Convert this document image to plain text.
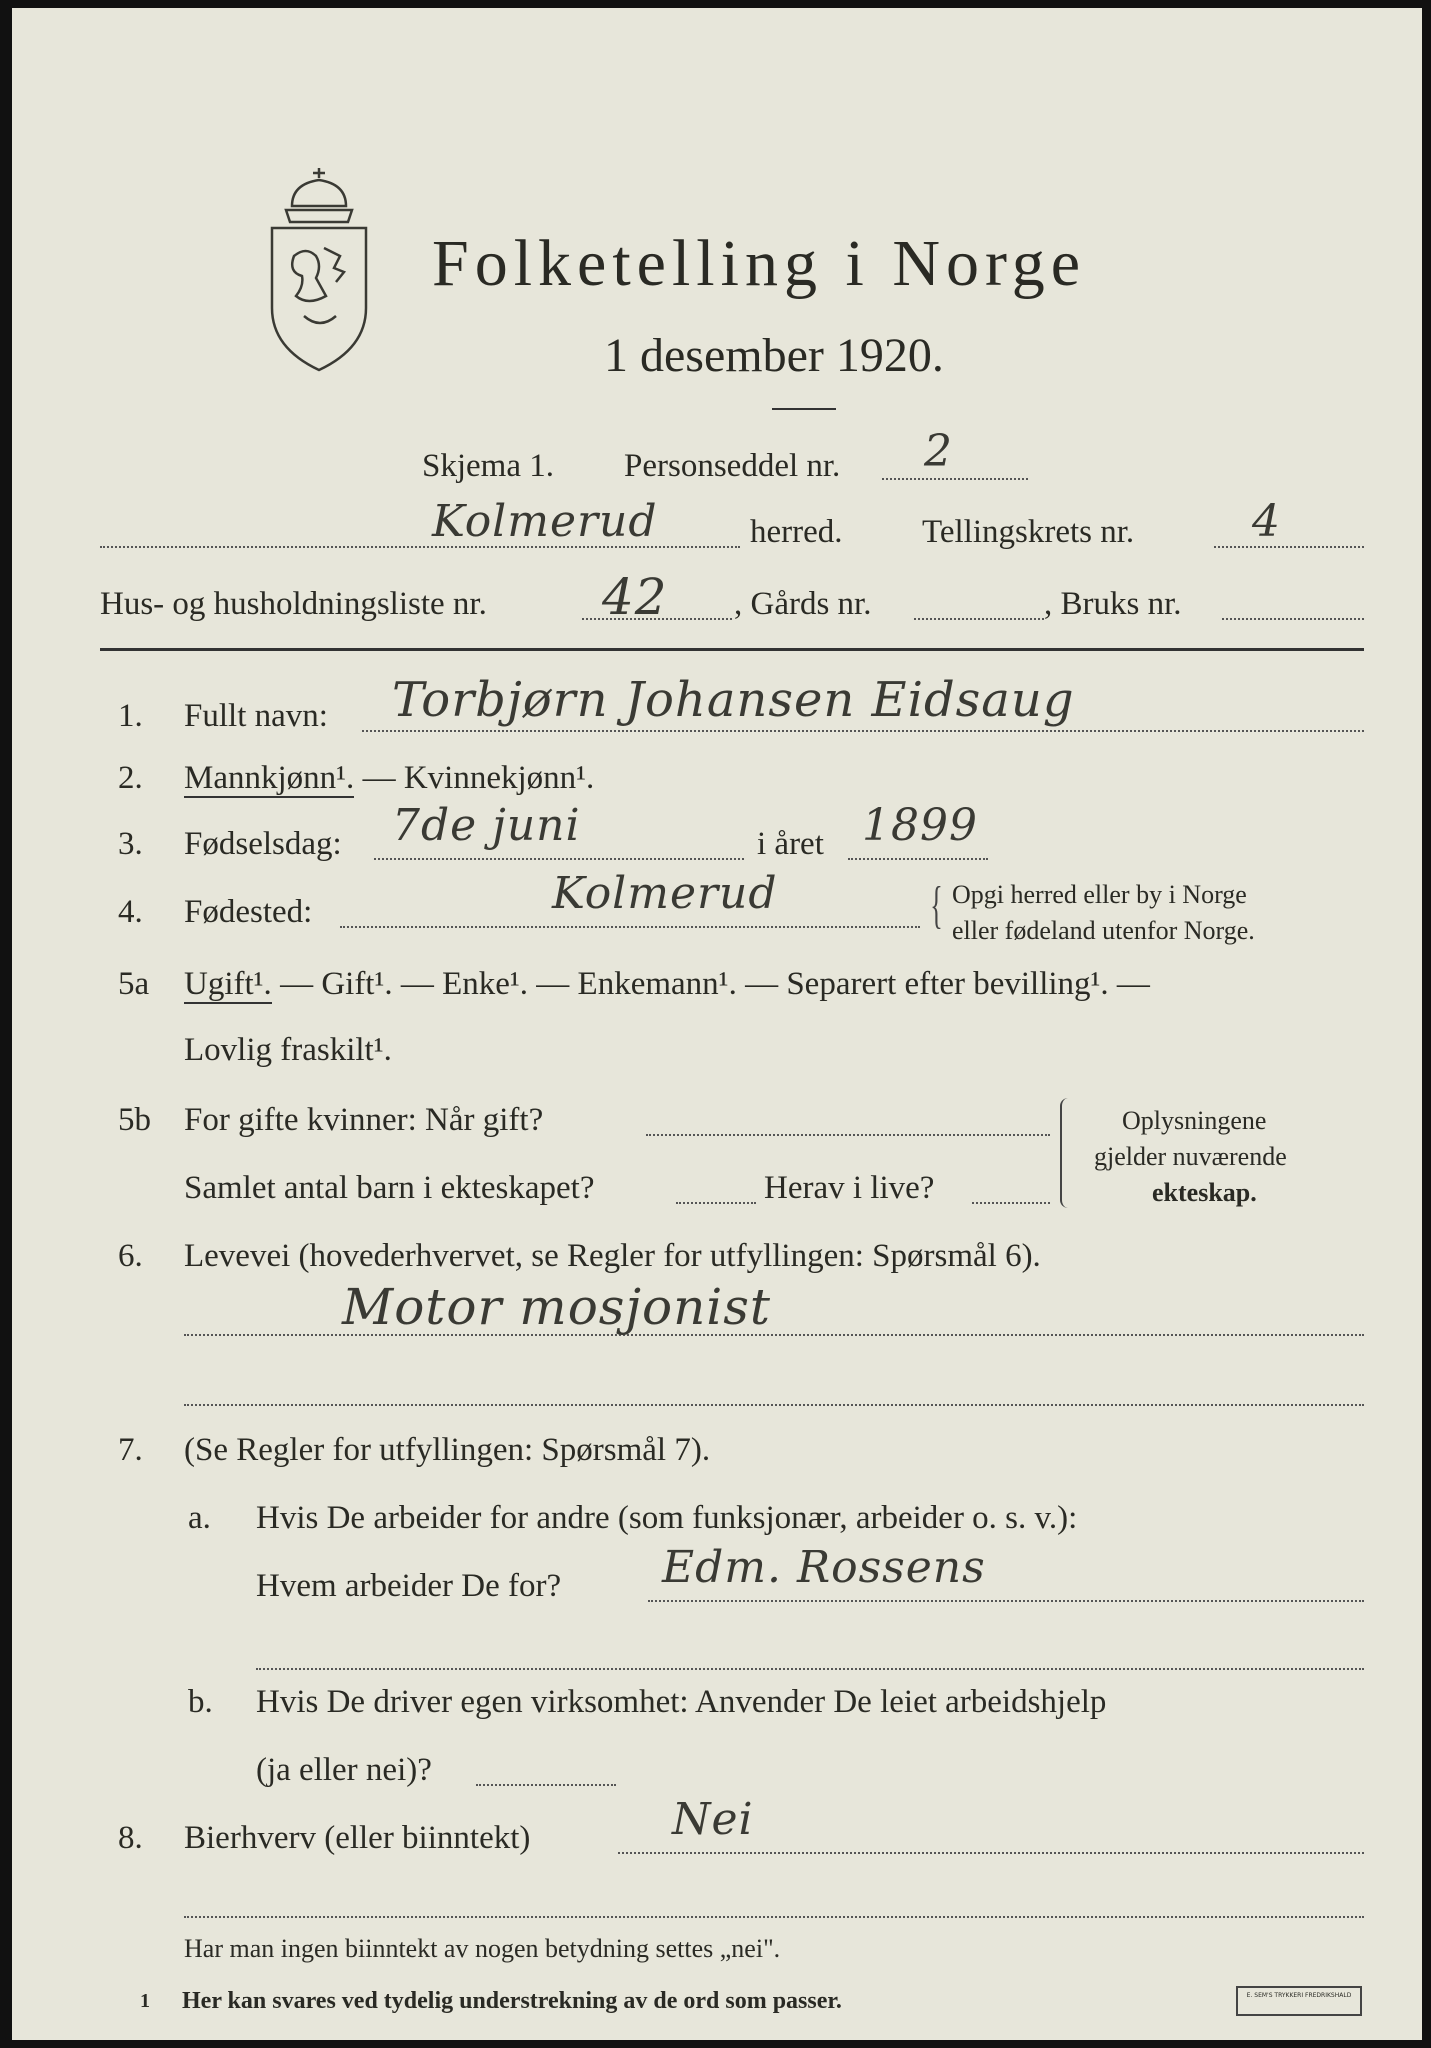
Folketelling i Norge
1 desember 1920.
Skjema 1. Personseddel nr. 2
Kolmerud	herred. Tellingskrets nr.	4
Hus- og husholdningsliste nr. 42 , Gårds nr.	, Bruks nr.
1. Fullt navn: Torbjørn Johansen Eidsaug
2. Mannkjønn¹. — Kvinnekjønn¹.
3. Fødselsdag: 7de juni	i året 1899
4. Fødested:	Kolmerud	{ Opgi herred eller by i Norge
eller fødeland utenfor Norge.
5a Ugift¹. — Gift¹. — Enke¹. — Enkemann¹. — Separert efter bevilling¹. —
Lovlig fraskilt¹.
5b For gifte kvinner: Når gift?
Samlet antal barn i ekteskapet?	Herav i live?
Oplysningene
gjelder nuværende
ekteskap.
6. Levevei (hovederhvervet, se Regler for utfyllingen: Spørsmål 6).
Motor mosjonist
7. (Se Regler for utfyllingen: Spørsmål 7).
a. Hvis De arbeider for andre (som funksjonær, arbeider o. s. v.):
Hvem arbeider De for? Edm. Rossens
b. Hvis De driver egen virksomhet: Anvender De leiet arbeidshjelp
(ja eller nei)?
8. Bierhverv (eller biinntekt)	Nei
Har man ingen biinntekt av nogen betydning settes „nei".
1 Her kan svares ved tydelig understrekning av de ord som passer.	E. SEM'S TRYKKERI FREDRIKSHALD
